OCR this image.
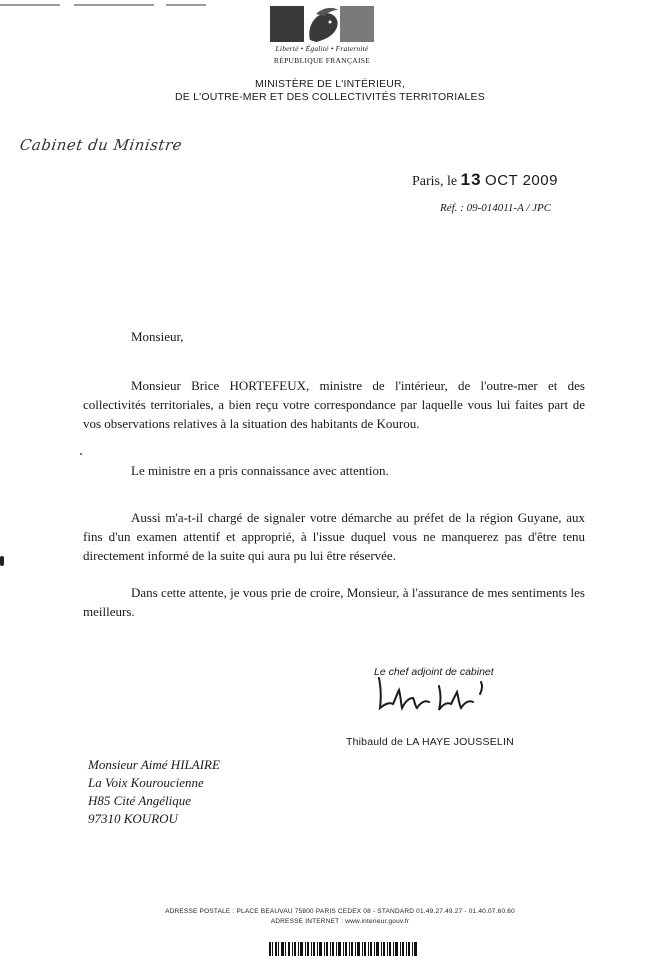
Liberté • Égalité • Fraternité
RÉPUBLIQUE FRANÇAISE
MINISTÈRE DE L'INTÉRIEUR,
DE L'OUTRE-MER ET DES COLLECTIVITÉS TERRITORIALES
Cabinet du Ministre
Paris, le 13 OCT 2009
Réf. : 09-014011-A / JPC
Monsieur,

Monsieur Brice HORTEFEUX, ministre de l'intérieur, de l'outre-mer et des collectivités territoriales, a bien reçu votre correspondance par laquelle vous lui faites part de vos observations relatives à la situation des habitants de Kourou.

Le ministre en a pris connaissance avec attention.

Aussi m'a-t-il chargé de signaler votre démarche au préfet de la région Guyane, aux fins d'un examen attentif et approprié, à l'issue duquel vous ne manquerez pas d'être tenu directement informé de la suite qui aura pu lui être réservée.

Dans cette attente, je vous prie de croire, Monsieur, à l'assurance de mes sentiments les meilleurs.

Le chef adjoint de cabinet
Thibauld de LA HAYE JOUSSELIN
Monsieur Aimé HILAIRE
La Voix Kouroucienne
H85 Cité Angélique
97310 KOUROU
ADRESSE POSTALE : PLACE BEAUVAU 75800 PARIS CEDEX 08 - STANDARD 01.49.27.49.27 - 01.40.07.60.60
ADRESSE INTERNET : www.interieur.gouv.fr
